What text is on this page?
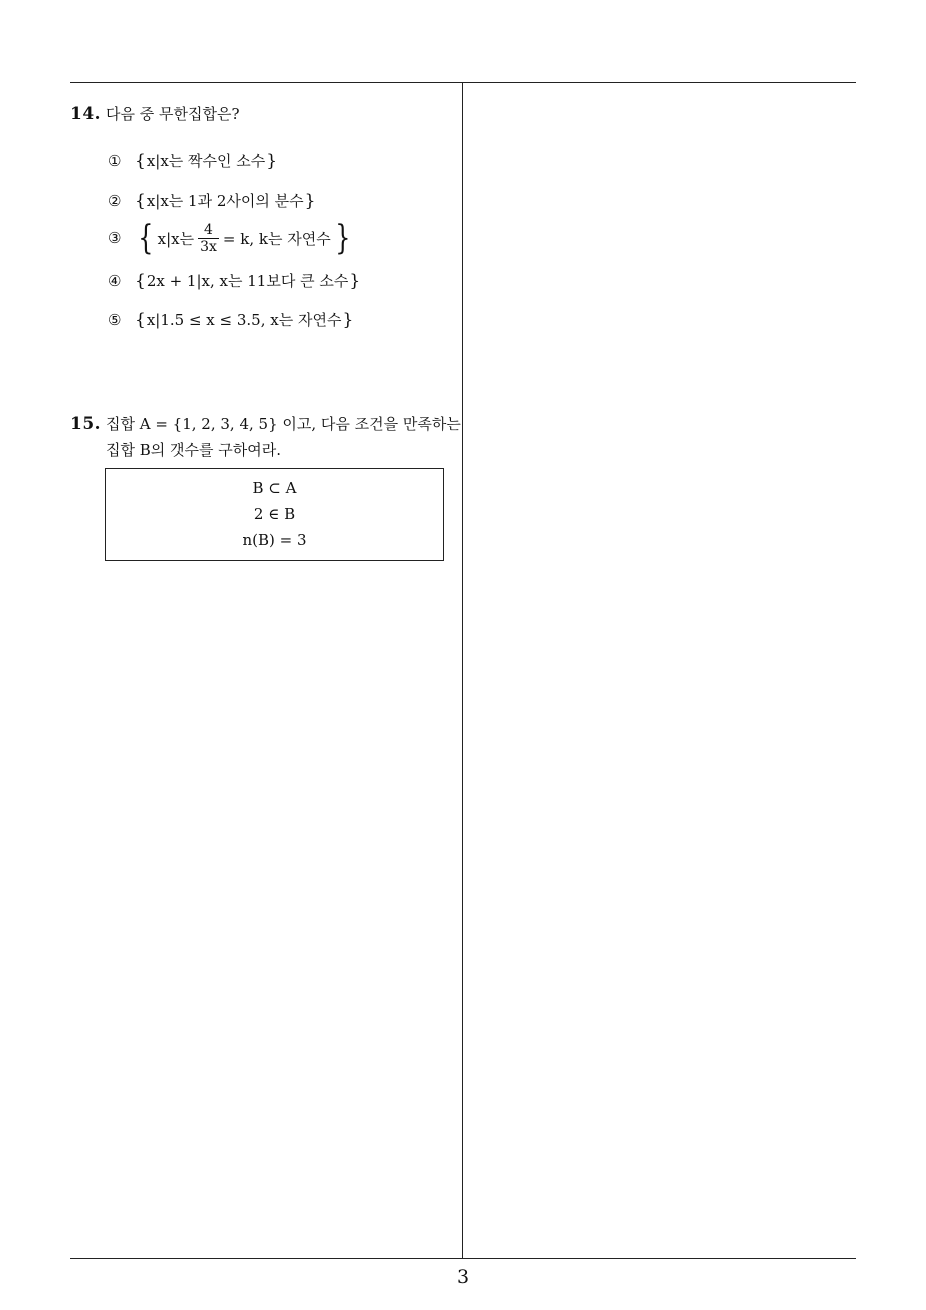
14. 다음 중 무한집합은?
① { x|x는 짝수인 소수 }
② { x|x는 1과 2사이의 분수 }
③ { x|x는 $\frac{4}{3x} = k$, k는 자연수 }
④ { 2x + 1|x, x는 11보다 큰 소수 }
⑤ { x|1.5 ≤ x ≤ 3.5, x는 자연수 }
15. 집합 A = {1, 2, 3, 4, 5} 이고, 다음 조건을 만족하는
집합 B의 갯수를 구하여라.
B ⊂ A
2 ∈ B
n(B) = 3
3
